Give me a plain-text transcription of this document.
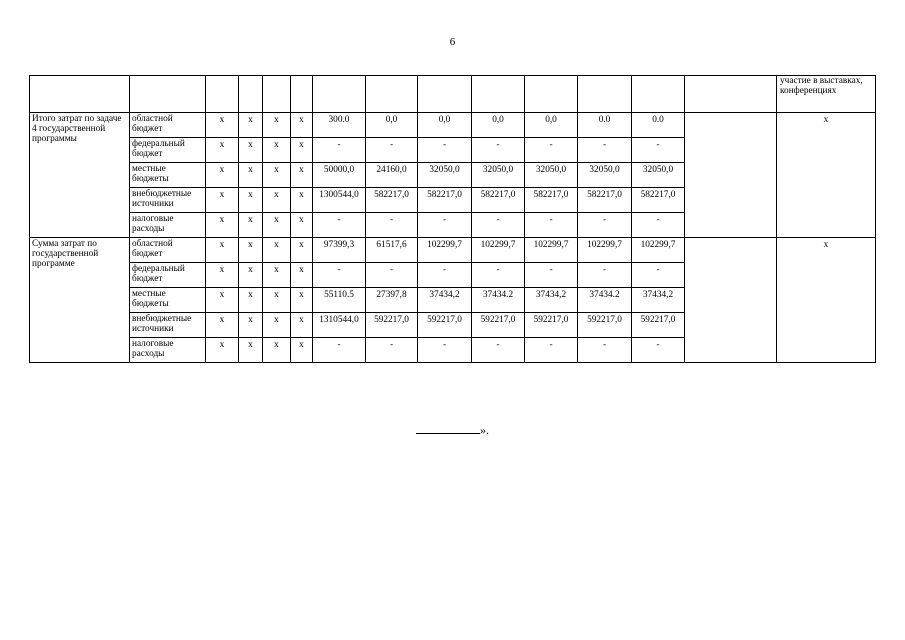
6
														участие в выставках, конференциях
Итого затрат по задаче 4 государственной программы	областной бюджет	x	x	x	x	300.0	0,0	0,0	0,0	0,0	0.0	0.0		x
	федеральный бюджет	x	x	x	x	-	-	-	-	-	-	-		
	местные бюджеты	x	x	x	x	50000,0	24160,0	32050,0	32050,0	32050,0	32050,0	32050,0		
	внебюджетные источники	x	x	x	x	1300544,0	582217,0	582217,0	582217,0	582217,0	582217,0	582217,0		
	налоговые расходы	x	x	x	x	-	-	-	-	-	-	-		
Сумма затрат по государственной программе	областной бюджет	x	x	x	x	97399,3	61517,6	102299,7	102299,7	102299,7	102299,7	102299,7		x
	федеральный бюджет	x	x	x	x	-	-	-	-	-	-	-		
	местные бюджеты	x	x	x	x	55110.5	27397,8	37434,2	37434.2	37434,2	37434.2	37434,2		
	внебюджетные источники	x	x	x	x	1310544,0	592217,0	592217,0	592217,0	592217,0	592217,0	592217,0		
	налоговые расходы	x	x	x	x	-	-	-	-	-	-	-		
».
